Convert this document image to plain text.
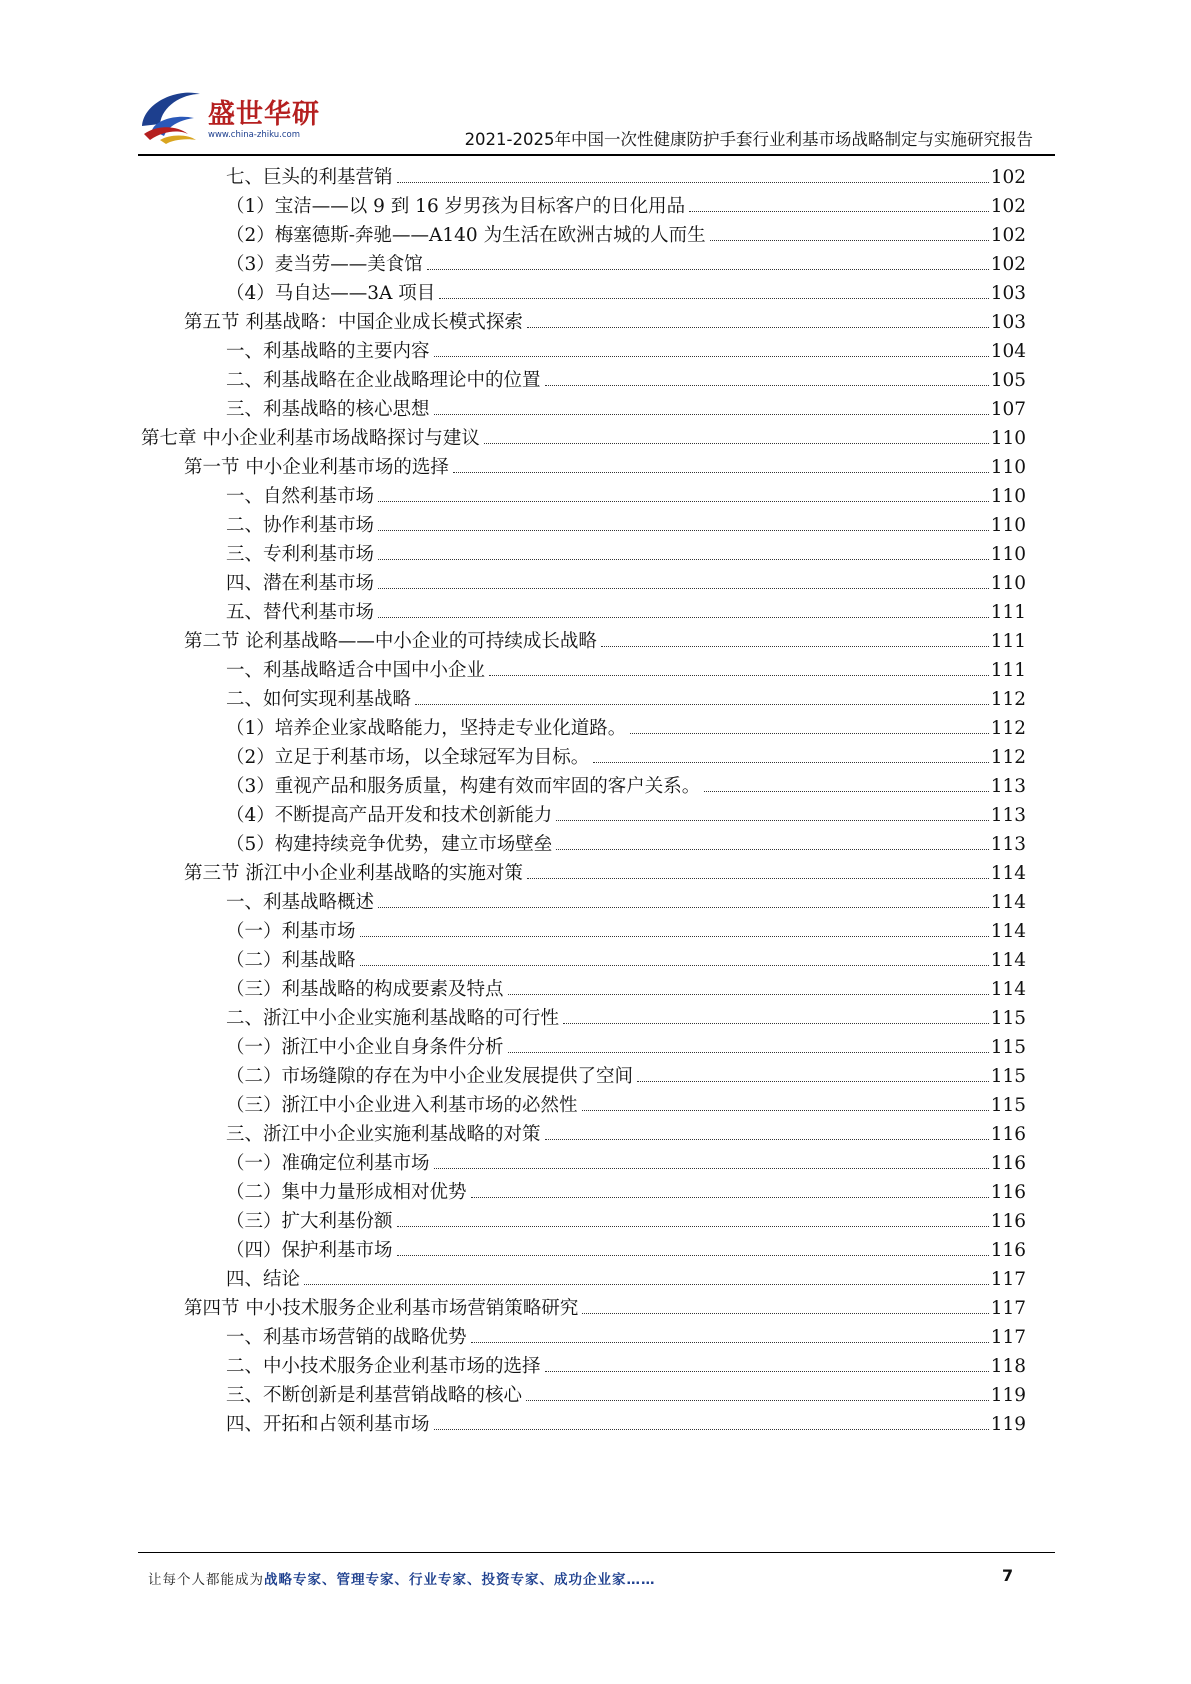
盛世华研
www.china-zhiku.com	2021-2025年中国一次性健康防护手套行业利基市场战略制定与实施研究报告
七、巨头的利基营销	102
（1）宝洁——以 9 到 16 岁男孩为目标客户的日化用品	102
（2）梅塞德斯-奔驰——A140 为生活在欧洲古城的人而生	102
（3）麦当劳——美食馆	102
（4）马自达——3A 项目	103
第五节 利基战略：中国企业成长模式探索	103
一、利基战略的主要内容	104
二、利基战略在企业战略理论中的位置	105
三、利基战略的核心思想	107
第七章 中小企业利基市场战略探讨与建议	110
第一节 中小企业利基市场的选择	110
一、自然利基市场	110
二、协作利基市场	110
三、专利利基市场	110
四、潜在利基市场	110
五、替代利基市场	111
第二节 论利基战略——中小企业的可持续成长战略	111
一、利基战略适合中国中小企业	111
二、如何实现利基战略	112
（1）培养企业家战略能力，坚持走专业化道路。	112
（2）立足于利基市场，以全球冠军为目标。	112
（3）重视产品和服务质量，构建有效而牢固的客户关系。	113
（4）不断提高产品开发和技术创新能力	113
（5）构建持续竞争优势，建立市场壁垒	113
第三节 浙江中小企业利基战略的实施对策	114
一、利基战略概述	114
（一）利基市场	114
（二）利基战略	114
（三）利基战略的构成要素及特点	114
二、浙江中小企业实施利基战略的可行性	115
（一）浙江中小企业自身条件分析	115
（二）市场缝隙的存在为中小企业发展提供了空间	115
（三）浙江中小企业进入利基市场的必然性	115
三、浙江中小企业实施利基战略的对策	116
（一）准确定位利基市场	116
（二）集中力量形成相对优势	116
（三）扩大利基份额	116
（四）保护利基市场	116
四、结论	117
第四节 中小技术服务企业利基市场营销策略研究	117
一、利基市场营销的战略优势	117
二、中小技术服务企业利基市场的选择	118
三、不断创新是利基营销战略的核心	119
四、开拓和占领利基市场	119
让每个人都能成为战略专家、管理专家、行业专家、投资专家、成功企业家……	7
